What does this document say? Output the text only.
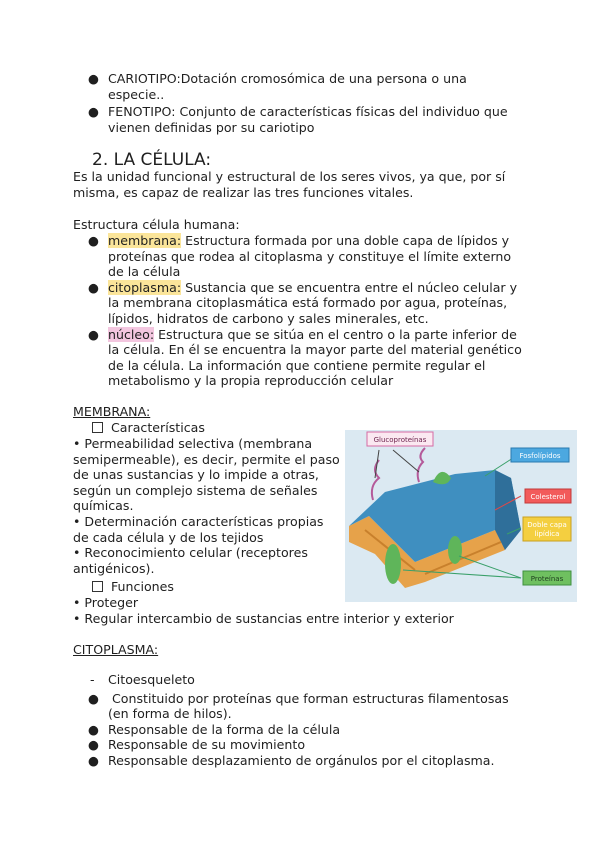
● CARIOTIPO:Dotación cromosómica de una persona o una
especie..
● FENOTIPO: Conjunto de características físicas del individuo que
vienen definidas por su cariotipo
2. LA CÉLULA:
Es la unidad funcional y estructural de los seres vivos, ya que, por sí
misma, es capaz de realizar las tres funciones vitales.
Estructura célula humana:
● membrana: Estructura formada por una doble capa de lípidos y
proteínas que rodea al citoplasma y constituye el límite externo
de la célula
● citoplasma: Sustancia que se encuentra entre el núcleo celular y
la membrana citoplasmática está formado por agua, proteínas,
lípidos, hidratos de carbono y sales minerales, etc.
● núcleo: Estructura que se sitúa en el centro o la parte inferior de
la célula. En él se encuentra la mayor parte del material genético
de la célula. La información que contiene permite regular el
metabolismo y la propia reproducción celular
MEMBRANA:
Características
• Permeabilidad selectiva (membrana
semipermeable), es decir, permite el paso
de unas sustancias y lo impide a otras,
según un complejo sistema de señales
químicas.
• Determinación características propias
de cada célula y de los tejidos
• Reconocimiento celular (receptores
antigénicos).
Funciones
• Proteger
• Regular intercambio de sustancias entre interior y exterior
Glucoproteínas
Fosfolípidos
Colesterol
Doble capa
lipídica
Proteínas
CITOPLASMA:
- Citoesqueleto
● Constituido por proteínas que forman estructuras filamentosas
(en forma de hilos).
● Responsable de la forma de la célula
● Responsable de su movimiento
● Responsable desplazamiento de orgánulos por el citoplasma.
